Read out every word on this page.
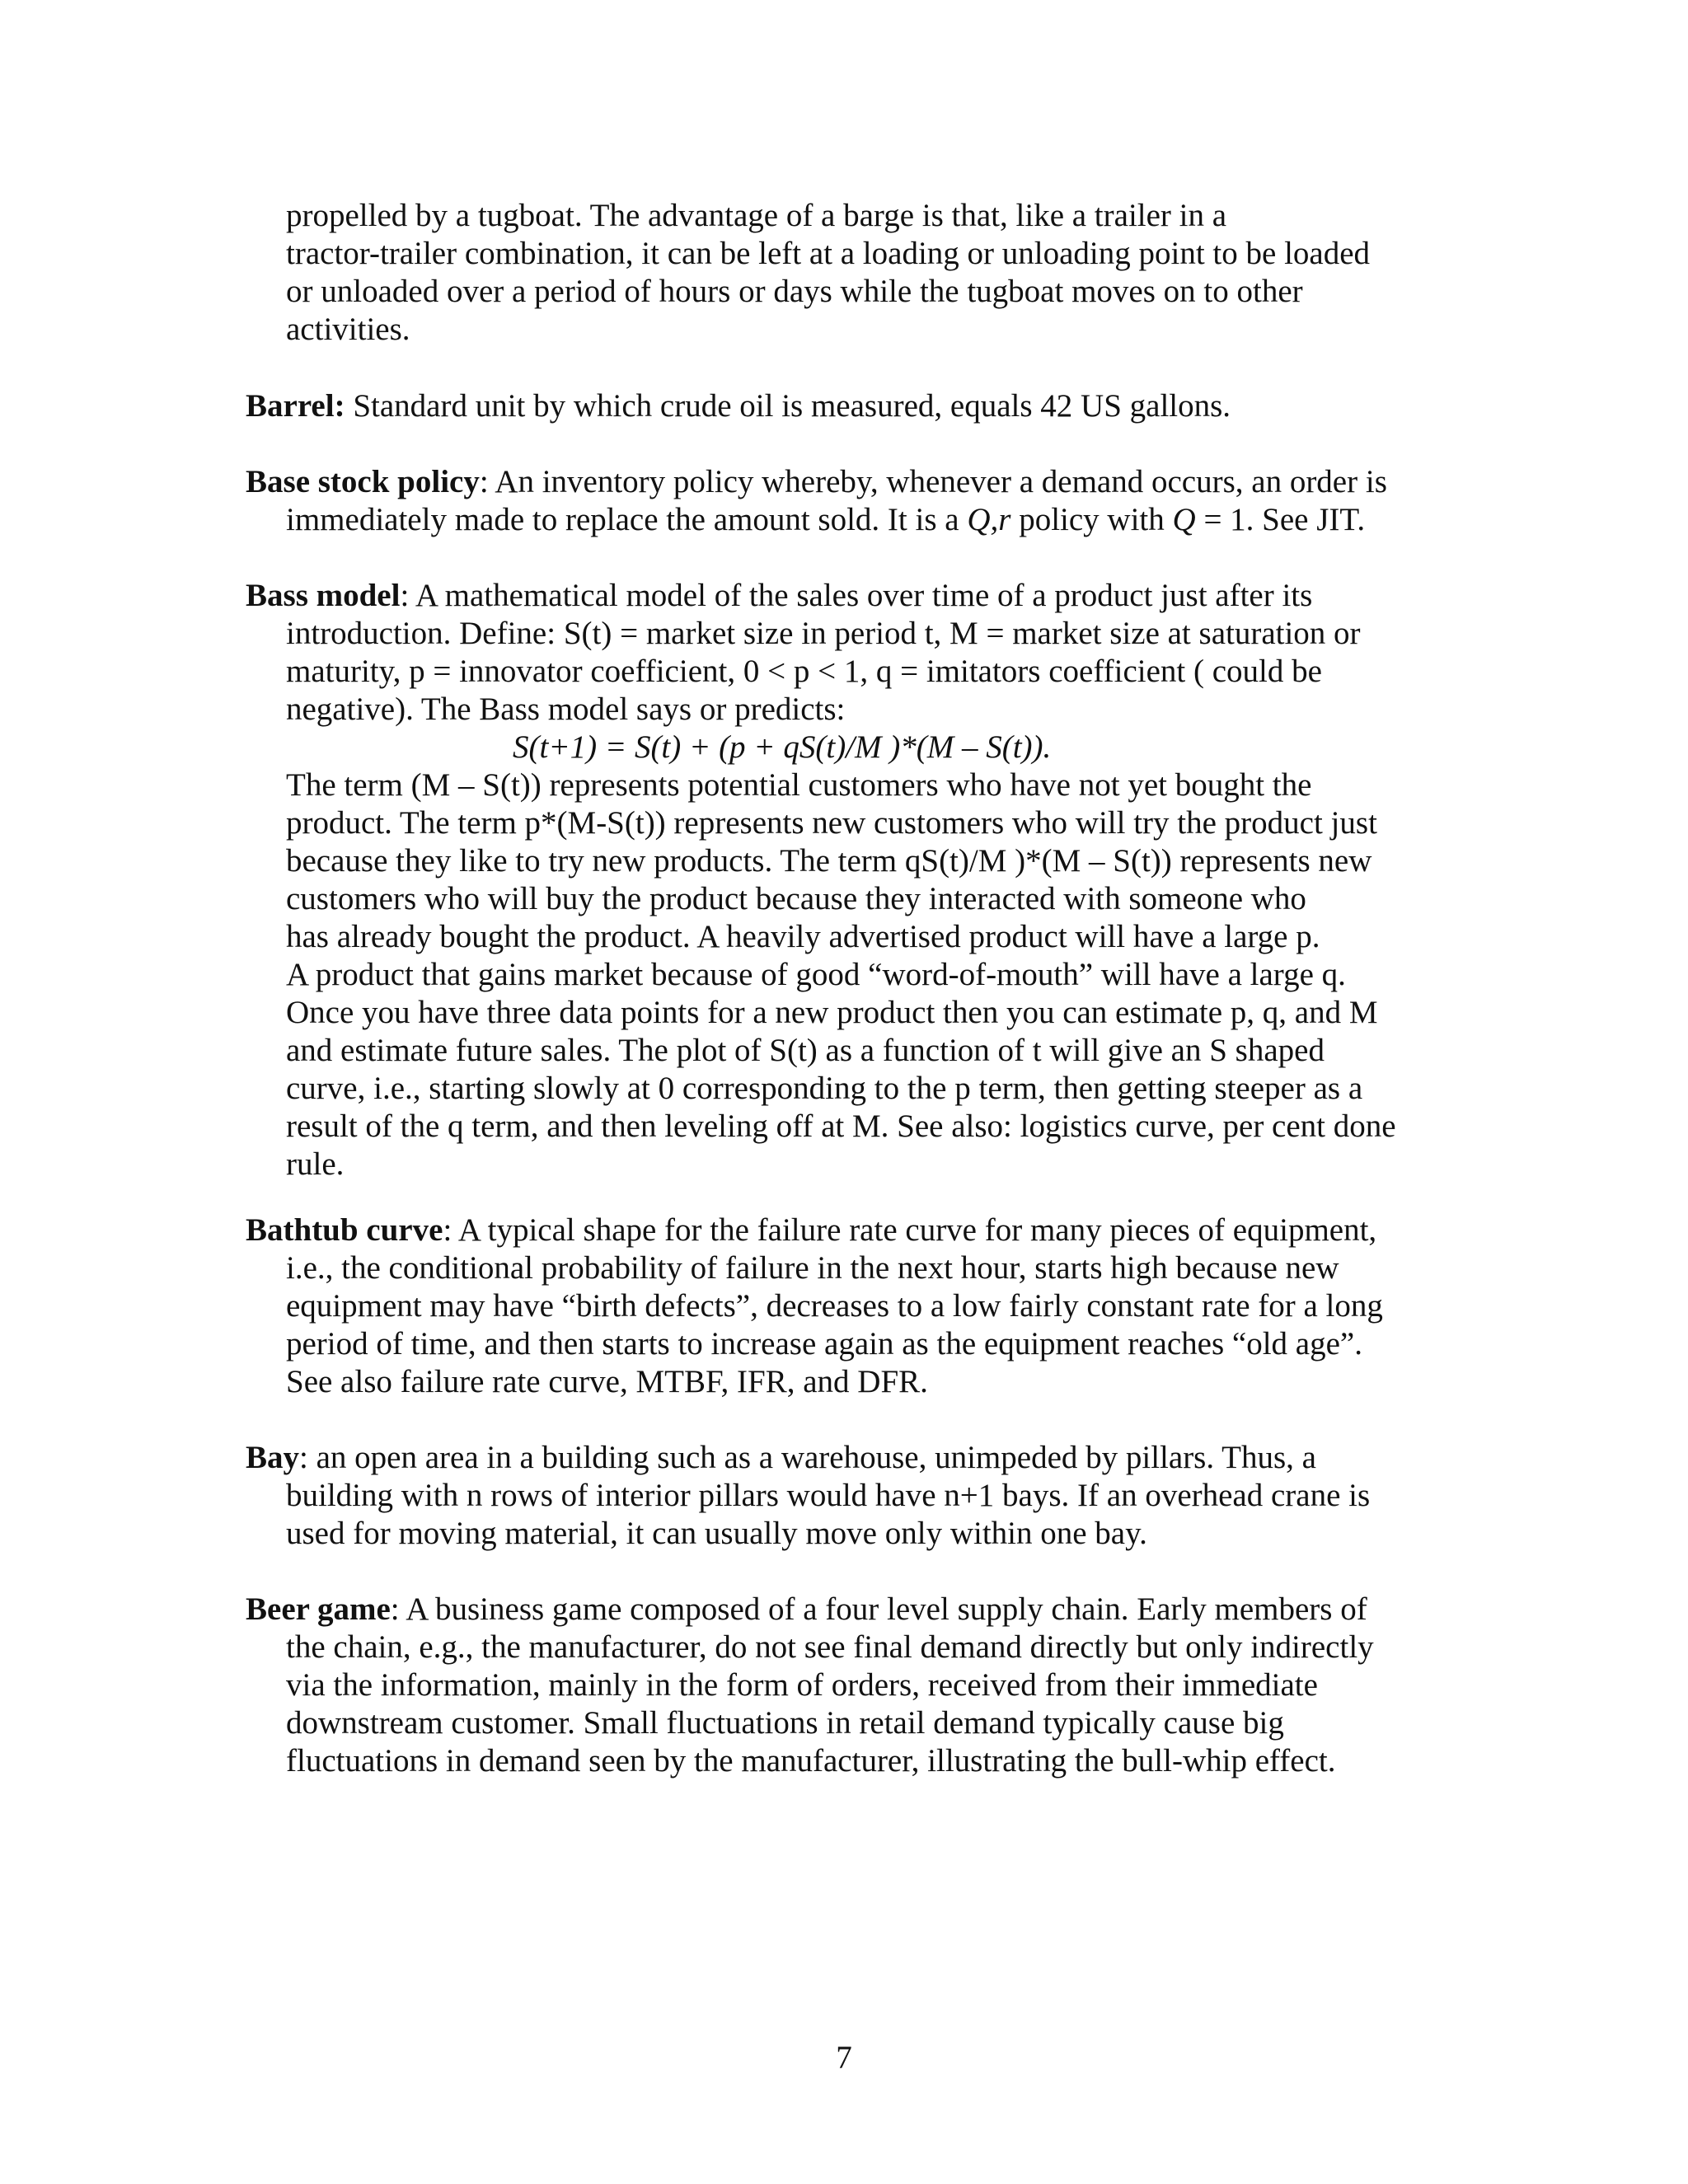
propelled by a tugboat. The advantage of a barge is that, like a trailer in a
tractor-trailer combination, it can be left at a loading or unloading point to be loaded
or unloaded over a period of hours or days while the tugboat moves on to other
activities.
Barrel: Standard unit by which crude oil is measured, equals 42 US gallons.
Base stock policy: An inventory policy whereby, whenever a demand occurs, an order is
immediately made to replace the amount sold. It is a Q,r policy with Q = 1. See JIT.
Bass model: A mathematical model of the sales over time of a product just after its
introduction. Define: S(t) = market size in period t, M = market size at saturation or
maturity, p = innovator coefficient, 0 < p < 1, q = imitators coefficient ( could be
negative). The Bass model says or predicts:
S(t+1) = S(t) + (p + qS(t)/M )*(M – S(t)).
The term (M – S(t)) represents potential customers who have not yet bought the
product. The term p*(M-S(t)) represents new customers who will try the product just
because they like to try new products. The term qS(t)/M )*(M – S(t)) represents new
customers who will buy the product because they interacted with someone who
has already bought the product. A heavily advertised product will have a large p.
A product that gains market because of good “word-of-mouth” will have a large q.
Once you have three data points for a new product then you can estimate p, q, and M
and estimate future sales. The plot of S(t) as a function of t will give an S shaped
curve, i.e., starting slowly at 0 corresponding to the p term, then getting steeper as a
result of the q term, and then leveling off at M. See also: logistics curve, per cent done
rule.
Bathtub curve: A typical shape for the failure rate curve for many pieces of equipment,
i.e., the conditional probability of failure in the next hour, starts high because new
equipment may have “birth defects”, decreases to a low fairly constant rate for a long
period of time, and then starts to increase again as the equipment reaches “old age”.
See also failure rate curve, MTBF, IFR, and DFR.
Bay: an open area in a building such as a warehouse, unimpeded by pillars. Thus, a
building with n rows of interior pillars would have n+1 bays. If an overhead crane is
used for moving material, it can usually move only within one bay.
Beer game: A business game composed of a four level supply chain. Early members of
the chain, e.g., the manufacturer, do not see final demand directly but only indirectly
via the information, mainly in the form of orders, received from their immediate
downstream customer. Small fluctuations in retail demand typically cause big
fluctuations in demand seen by the manufacturer, illustrating the bull-whip effect.
7
